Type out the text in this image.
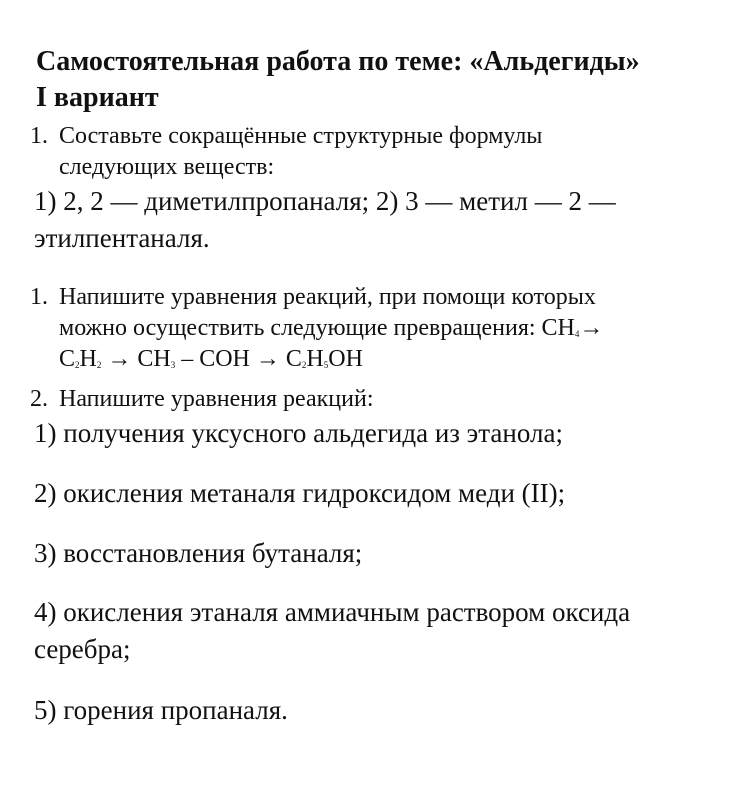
Самостоятельная работа по теме: «Альдегиды»
I вариант
1. Составьте сокращённые структурные формулы
следующих веществ:
1) 2, 2 — диметилпропаналя; 2) 3 — метил — 2 —
этилпентаналя.
1. Напишите уравнения реакций, при помощи которых
можно осуществить следующие превращения: $CH_4\to$
$C_2H_2 \to CH_3$ – COH → $C_2H_5OH$
2. Напишите уравнения реакций:
1) получения уксусного альдегида из этанола;
2) окисления метаналя гидроксидом меди (II);
3) восстановления бутаналя;
4) окисления этаналя аммиачным раствором оксида
серебра;
5) горения пропаналя.
